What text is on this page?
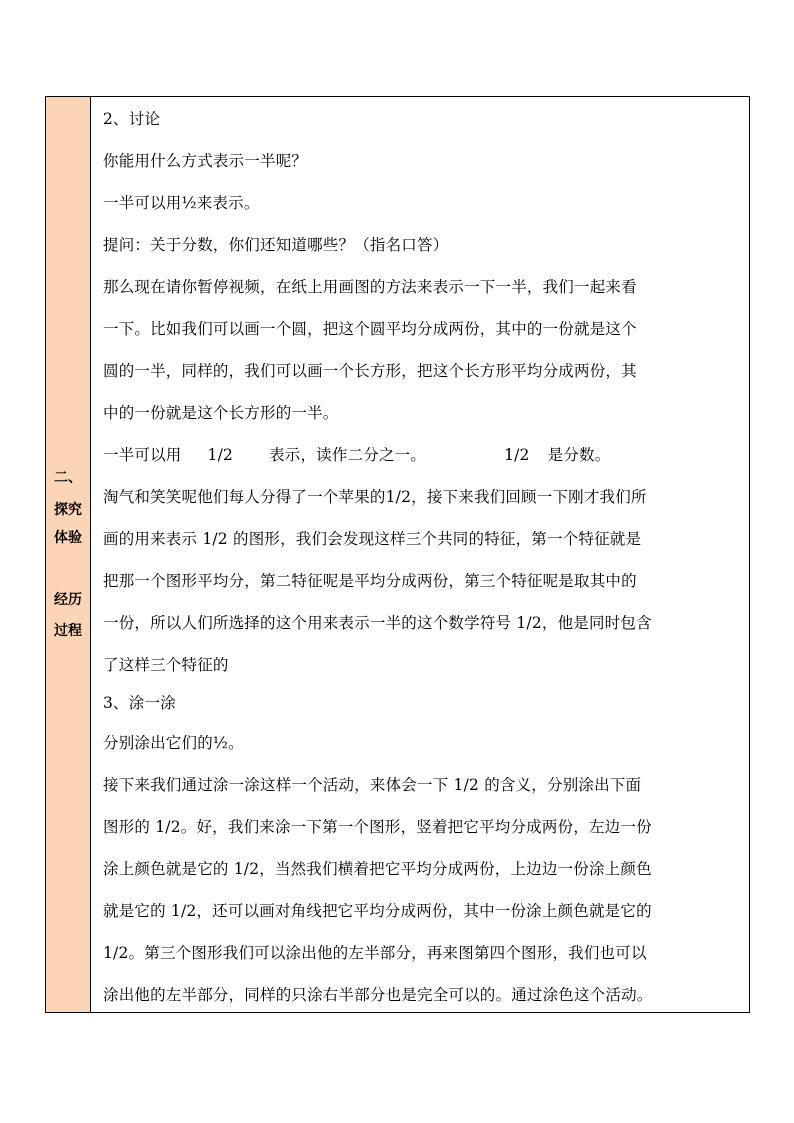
二、
探究
体验
经历
过程
2、讨论
你能用什么方式表示一半呢？
一半可以用½来表示。
提问：关于分数，你们还知道哪些？（指名口答）
那么现在请你暂停视频，在纸上用画图的方法来表示一下一半，我们一起来看
一下。比如我们可以画一个圆，把这个圆平均分成两份，其中的一份就是这个
圆的一半，同样的，我们可以画一个长方形，把这个长方形平均分成两份，其
中的一份就是这个长方形的一半。
一半可以用 1/2 表示，读作二分之一。	1/2 是分数。
淘气和笑笑呢他们每人分得了一个苹果的1/2，接下来我们回顾一下刚才我们所
画的用来表示 1/2 的图形，我们会发现这样三个共同的特征，第一个特征就是
把那一个图形平均分，第二特征呢是平均分成两份，第三个特征呢是取其中的
一份，所以人们所选择的这个用来表示一半的这个数学符号 1/2，他是同时包含
了这样三个特征的
3、涂一涂
分别涂出它们的½。
接下来我们通过涂一涂这样一个活动，来体会一下 1/2 的含义，分别涂出下面
图形的 1/2。好，我们来涂一下第一个图形，竖着把它平均分成两份，左边一份
涂上颜色就是它的 1/2，当然我们横着把它平均分成两份，上边边一份涂上颜色
就是它的 1/2，还可以画对角线把它平均分成两份，其中一份涂上颜色就是它的
1/2。第三个图形我们可以涂出他的左半部分，再来图第四个图形，我们也可以
涂出他的左半部分，同样的只涂右半部分也是完全可以的。通过涂色这个活动。
